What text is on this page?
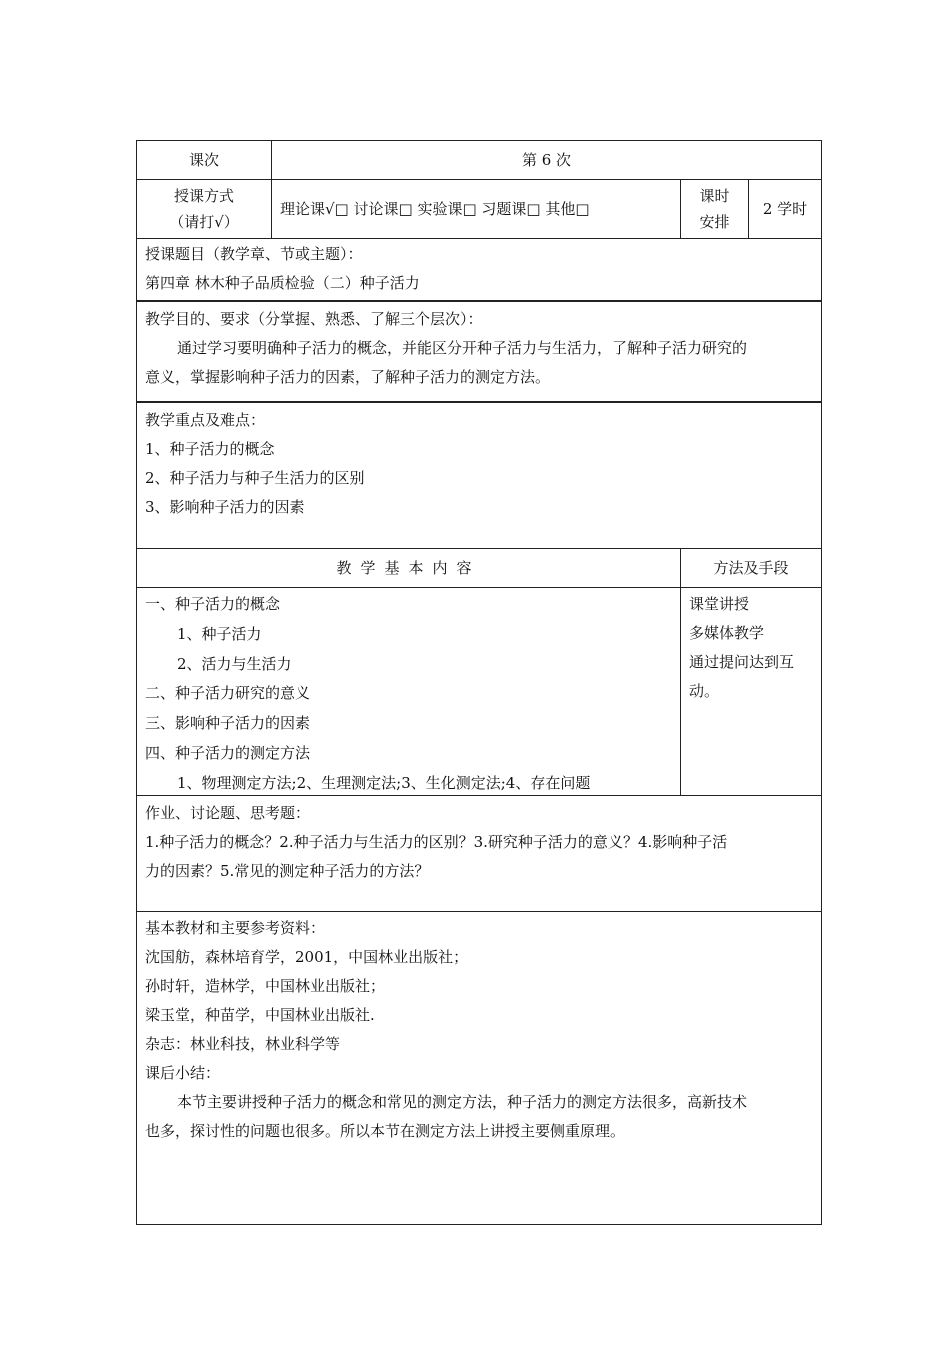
课次	第 6 次
授课方式
（请打√）
理论课√□ 讨论课□ 实验课□ 习题课□ 其他□
课时
安排
2 学时
授课题目（教学章、节或主题）：
第四章 林木种子品质检验（二）种子活力
教学目的、要求（分掌握、熟悉、了解三个层次）：
通过学习要明确种子活力的概念，并能区分开种子活力与生活力，了解种子活力研究的
意义，掌握影响种子活力的因素，了解种子活力的测定方法。
教学重点及难点：
1、种子活力的概念
2、种子活力与种子生活力的区别
3、影响种子活力的因素
教学基本内容	方法及手段
一、种子活力的概念
1、种子活力
2、活力与生活力
二、种子活力研究的意义
三、影响种子活力的因素
四、种子活力的测定方法
1、物理测定方法;2、生理测定法;3、生化测定法;4、存在问题
课堂讲授
多媒体教学
通过提问达到互
动。
作业、讨论题、思考题：
1.种子活力的概念？2.种子活力与生活力的区别？3.研究种子活力的意义？4.影响种子活
力的因素？5.常见的测定种子活力的方法？
基本教材和主要参考资料：
沈国舫，森林培育学，2001，中国林业出版社；
孙时轩，造林学，中国林业出版社；
梁玉堂，种苗学，中国林业出版社.
杂志：林业科技，林业科学等
课后小结：
本节主要讲授种子活力的概念和常见的测定方法，种子活力的测定方法很多，高新技术
也多，探讨性的问题也很多。所以本节在测定方法上讲授主要侧重原理。
